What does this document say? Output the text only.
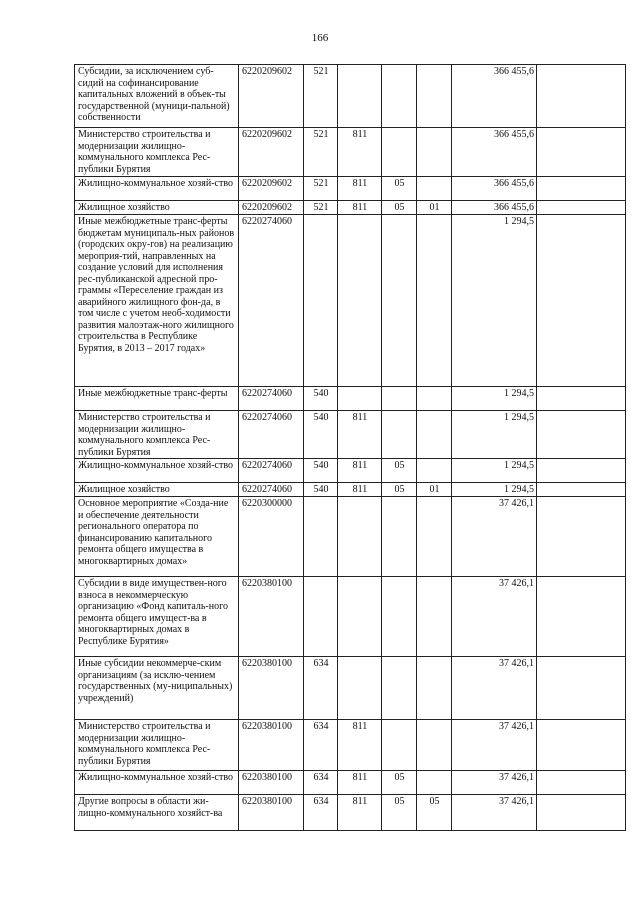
166
Субсидии, за исключением суб-сидий на софинансирование капитальных вложений в объек-ты государственной (муници-пальной) собственности	6220209602	521				366 455,6	
Министерство строительства и модернизации жилищно-коммунального комплекса Рес-публики Бурятия	6220209602	521	811			366 455,6	
Жилищно-коммунальное хозяй-ство	6220209602	521	811	05		366 455,6	
Жилищное хозяйство	6220209602	521	811	05	01	366 455,6	
Иные межбюджетные транс-ферты бюджетам муниципаль-ных районов (городских окру-гов) на реализацию мероприя-тий, направленных на создание условий для исполнения рес-публиканской адресной про-граммы «Переселение граждан из аварийного жилищного фон-да, в том числе с учетом необ-ходимости развития малоэтаж-ного жилищного строительства в Республике Бурятия, в 2013 – 2017 годах»	6220274060					1 294,5	
Иные межбюджетные транс-ферты	6220274060	540				1 294,5	
Министерство строительства и модернизации жилищно-коммунального комплекса Рес-публики Бурятия	6220274060	540	811			1 294,5	
Жилищно-коммунальное хозяй-ство	6220274060	540	811	05		1 294,5	
Жилищное хозяйство	6220274060	540	811	05	01	1 294,5	
Основное мероприятие «Созда-ние и обеспечение деятельности регионального оператора по финансированию капитального ремонта общего имущества в многоквартирных домах»	6220300000					37 426,1	
Субсидии в виде имуществен-ного взноса в некоммерческую организацию «Фонд капиталь-ного ремонта общего имущест-ва в многоквартирных домах в Республике Бурятия»	6220380100					37 426,1	
Иные субсидии некоммерче-ским организациям (за исклю-чением государственных (му-ниципальных) учреждений)	6220380100	634				37 426,1	
Министерство строительства и модернизации жилищно-коммунального комплекса Рес-публики Бурятия	6220380100	634	811			37 426,1	
Жилищно-коммунальное хозяй-ство	6220380100	634	811	05		37 426,1	
Другие вопросы в области жи-лищно-коммунального хозяйст-ва	6220380100	634	811	05	05	37 426,1	
